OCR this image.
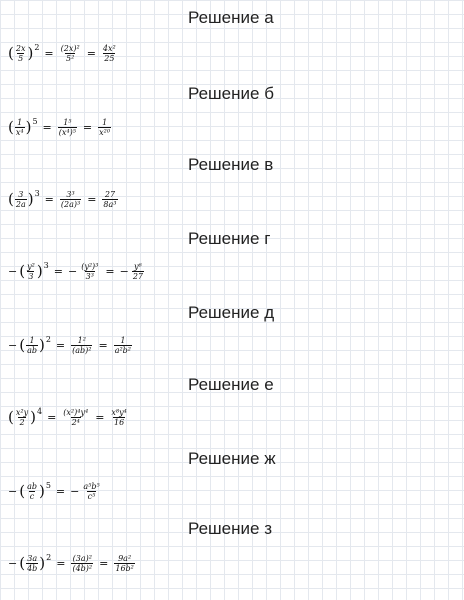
Решение а
( $\frac{2x}{5}$ ) $2 = \frac{\text{(2x)²}}{\text{5²}} = \frac{\text{4x²}}{25}$
Решение б
( $\frac{1}{\text{x⁴}}$ ) $5 = \frac{\text{1⁵}}{\text{(x⁴)⁵}} = \frac{1}{\text{x²⁰}}$
Решение в
( $\frac{3}{2a}$ ) $3 = \frac{\text{3³}}{\text{(2a)³}} = \frac{27}{\text{8a³}}$
Решение г
− ( $\frac{\text{y²}}{3}$ ) 3 = − $\frac{\text{(y²)³}}{\text{3³}}$ = − $\frac{\text{y⁶}}{27}$
Решение д
− ( $\frac{1}{ab}$ ) $2 = \frac{\text{1²}}{\text{(ab)²}} = \frac{1}{\text{a²b²}}$
Решение е
( $\frac{\text{x²y}}{2}$ ) $4 = \frac{\text{(x²)⁴y⁴}}{\text{2⁴}} = \frac{\text{x⁸y⁴}}{16}$
Решение ж
− ( $\frac{ab}{c}$ ) 5 = − $\frac{\text{a⁵b⁵}}{\text{c⁵}}$
Решение з
− ( $\frac{3a}{4b}$ ) $2 = \frac{\text{(3a)²}}{\text{(4b)²}} = \frac{\text{9a²}}{\text{16b²}}$
